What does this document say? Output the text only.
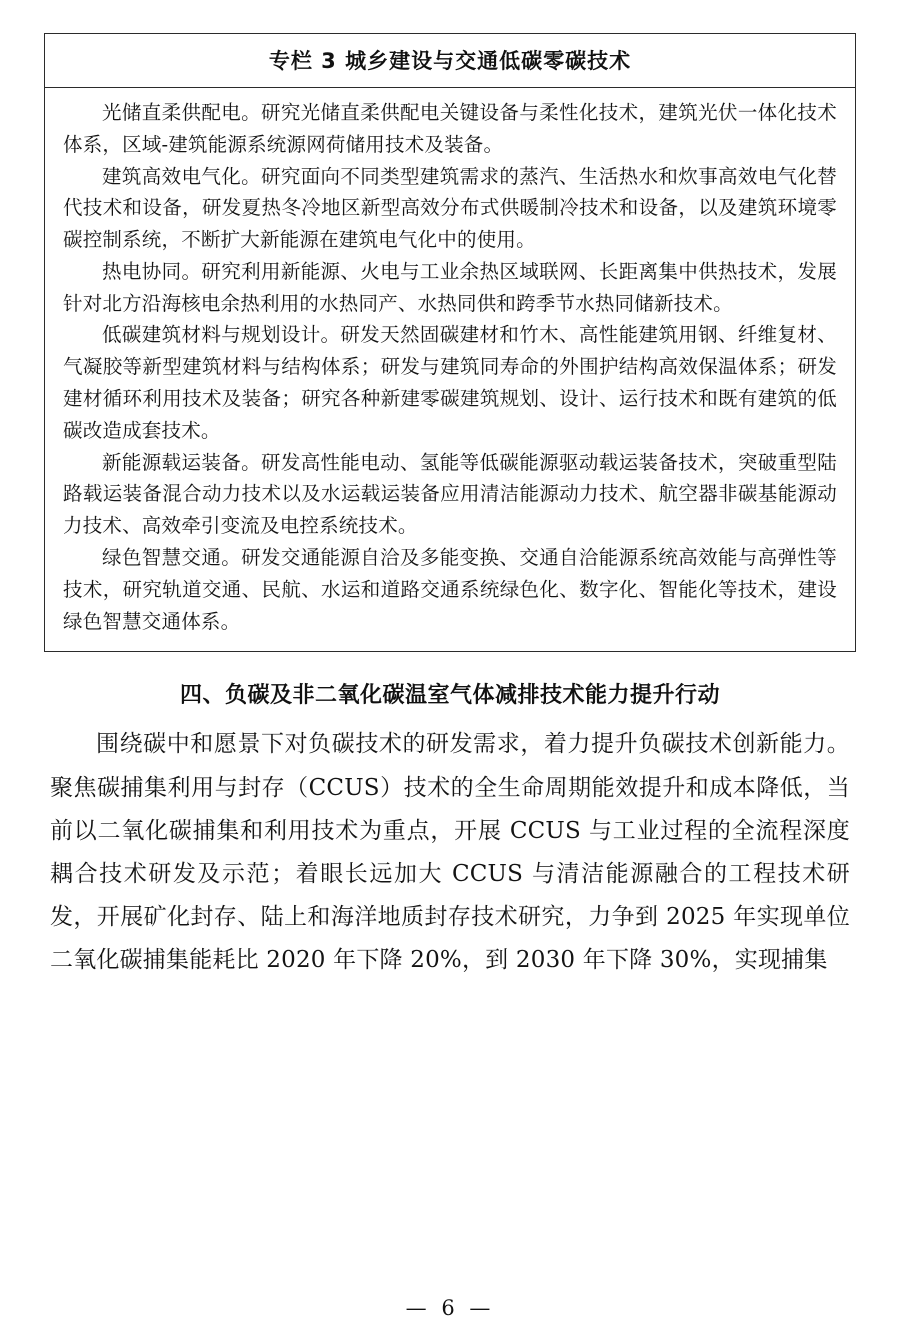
专栏 3 城乡建设与交通低碳零碳技术

光储直柔供配电。研究光储直柔供配电关键设备与柔性化技术，建筑光伏一体化技术体系，区域-建筑能源系统源网荷储用技术及装备。

建筑高效电气化。研究面向不同类型建筑需求的蒸汽、生活热水和炊事高效电气化替代技术和设备，研发夏热冬冷地区新型高效分布式供暖制冷技术和设备，以及建筑环境零碳控制系统，不断扩大新能源在建筑电气化中的使用。

热电协同。研究利用新能源、火电与工业余热区域联网、长距离集中供热技术，发展针对北方沿海核电余热利用的水热同产、水热同供和跨季节水热同储新技术。

低碳建筑材料与规划设计。研发天然固碳建材和竹木、高性能建筑用钢、纤维复材、气凝胶等新型建筑材料与结构体系；研发与建筑同寿命的外围护结构高效保温体系；研发建材循环利用技术及装备；研究各种新建零碳建筑规划、设计、运行技术和既有建筑的低碳改造成套技术。

新能源载运装备。研发高性能电动、氢能等低碳能源驱动载运装备技术，突破重型陆路载运装备混合动力技术以及水运载运装备应用清洁能源动力技术、航空器非碳基能源动力技术、高效牵引变流及电控系统技术。

绿色智慧交通。研发交通能源自洽及多能变换、交通自洽能源系统高效能与高弹性等技术，研究轨道交通、民航、水运和道路交通系统绿色化、数字化、智能化等技术，建设绿色智慧交通体系。

四、负碳及非二氧化碳温室气体减排技术能力提升行动

围绕碳中和愿景下对负碳技术的研发需求，着力提升负碳技术创新能力。聚焦碳捕集利用与封存（CCUS）技术的全生命周期能效提升和成本降低，当前以二氧化碳捕集和利用技术为重点，开展 CCUS 与工业过程的全流程深度耦合技术研发及示范；着眼长远加大 CCUS 与清洁能源融合的工程技术研发，开展矿化封存、陆上和海洋地质封存技术研究，力争到 2025 年实现单位二氧化碳捕集能耗比 2020 年下降 20%，到 2030 年下降 30%，实现捕集

— 6 —
